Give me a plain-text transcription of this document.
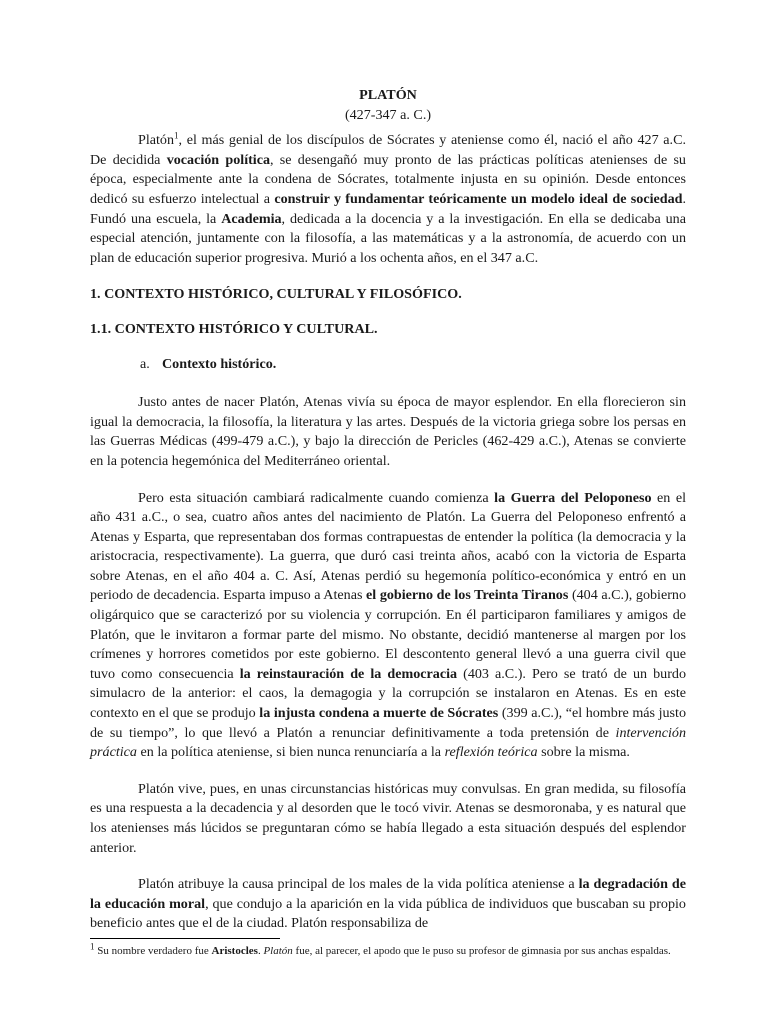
PLATÓN
(427-347 a. C.)

Platón$^1$, el más genial de los discípulos de Sócrates y ateniense como él, nació el año 427 a.C. De decidida vocación política, se desengañó muy pronto de las prácticas políticas atenienses de su época, especialmente ante la condena de Sócrates, totalmente injusta en su opinión. Desde entonces dedicó su esfuerzo intelectual a construir y fundamentar teóricamente un modelo ideal de sociedad. Fundó una escuela, la Academia, dedicada a la docencia y a la investigación. En ella se dedicaba una especial atención, juntamente con la filosofía, a las matemáticas y a la astronomía, de acuerdo con un plan de educación superior progresiva. Murió a los ochenta años, en el 347 a.C.

1. CONTEXTO HISTÓRICO, CULTURAL Y FILOSÓFICO.
1.1. CONTEXTO HISTÓRICO Y CULTURAL.
a. Contexto histórico.

Justo antes de nacer Platón, Atenas vivía su época de mayor esplendor. En ella florecieron sin igual la democracia, la filosofía, la literatura y las artes. Después de la victoria griega sobre los persas en las Guerras Médicas (499-479 a.C.), y bajo la dirección de Pericles (462-429 a.C.), Atenas se convierte en la potencia hegemónica del Mediterráneo oriental.

Pero esta situación cambiará radicalmente cuando comienza la Guerra del Peloponeso en el año 431 a.C., o sea, cuatro años antes del nacimiento de Platón. La Guerra del Peloponeso enfrentó a Atenas y Esparta, que representaban dos formas contrapuestas de entender la política (la democracia y la aristocracia, respectivamente). La guerra, que duró casi treinta años, acabó con la victoria de Esparta sobre Atenas, en el año 404 a. C. Así, Atenas perdió su hegemonía político-económica y entró en un periodo de decadencia. Esparta impuso a Atenas el gobierno de los Treinta Tiranos (404 a.C.), gobierno oligárquico que se caracterizó por su violencia y corrupción. En él participaron familiares y amigos de Platón, que le invitaron a formar parte del mismo. No obstante, decidió mantenerse al margen por los crímenes y horrores cometidos por este gobierno. El descontento general llevó a una guerra civil que tuvo como consecuencia la reinstauración de la democracia (403 a.C.). Pero se trató de un burdo simulacro de la anterior: el caos, la demagogia y la corrupción se instalaron en Atenas. Es en este contexto en el que se produjo la injusta condena a muerte de Sócrates (399 a.C.), “el hombre más justo de su tiempo”, lo que llevó a Platón a renunciar definitivamente a toda pretensión de intervención práctica en la política ateniense, si bien nunca renunciaría a la reflexión teórica sobre la misma.

Platón vive, pues, en unas circunstancias históricas muy convulsas. En gran medida, su filosofía es una respuesta a la decadencia y al desorden que le tocó vivir. Atenas se desmoronaba, y es natural que los atenienses más lúcidos se preguntaran cómo se había llegado a esta situación después del esplendor anterior.

Platón atribuye la causa principal de los males de la vida política ateniense a la degradación de la educación moral, que condujo a la aparición en la vida pública de individuos que buscaban su propio beneficio antes que el de la ciudad. Platón responsabiliza de

$^1$ Su nombre verdadero fue Aristocles. Platón fue, al parecer, el apodo que le puso su profesor de gimnasia por sus anchas espaldas.
